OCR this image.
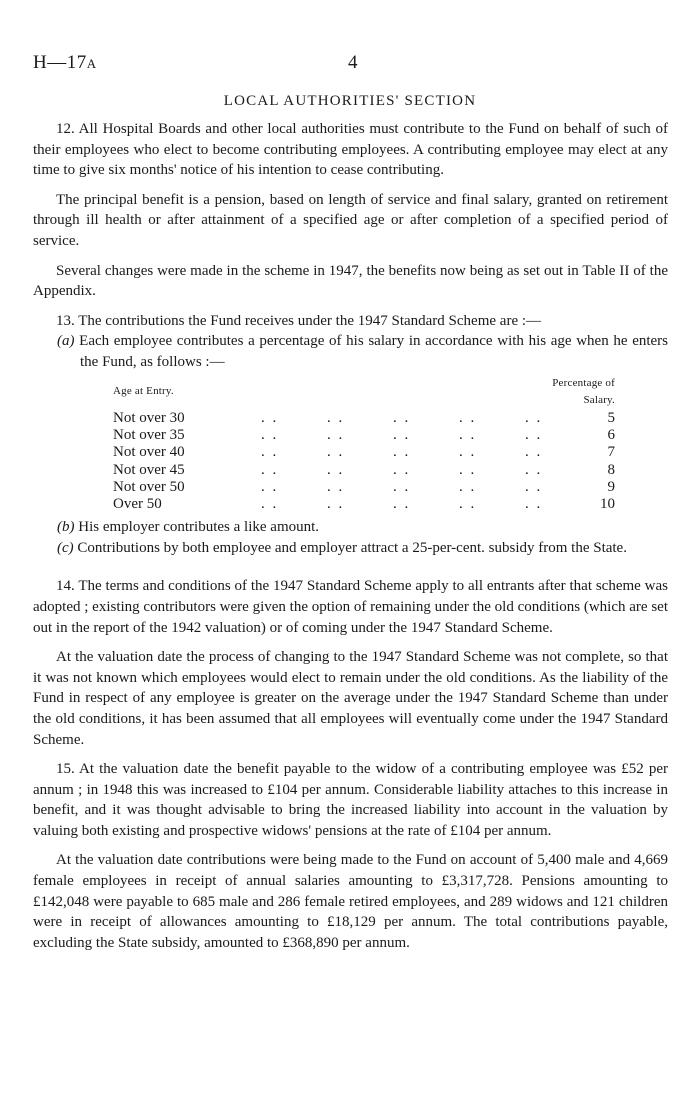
H—17A	4
LOCAL AUTHORITIES' SECTION

12. All Hospital Boards and other local authorities must contribute to the Fund on behalf of such of their employees who elect to become contributing employees. A contributing employee may elect at any time to give six months' notice of his intention to cease contributing.

The principal benefit is a pension, based on length of service and final salary, granted on retirement through ill health or after attainment of a specified age or after completion of a specified period of service.

Several changes were made in the scheme in 1947, the benefits now being as set out in Table II of the Appendix.

13. The contributions the Fund receives under the 1947 Standard Scheme are :—

(a) Each employee contributes a percentage of his salary in accordance with his age when he enters the Fund, as follows :—

Age at Entry.					Percentage of Salary.	
Not over 30	. .	. .	. .	. .	. .	5
Not over 35	. .	. .	. .	. .	. .	6
Not over 40	. .	. .	. .	. .	. .	7
Not over 45	. .	. .	. .	. .	. .	8
Not over 50	. .	. .	. .	. .	. .	9
Over 50	. .	. .	. .	. .	. .	10

(b) His employer contributes a like amount.

(c) Contributions by both employee and employer attract a 25-per-cent. subsidy from the State.

14. The terms and conditions of the 1947 Standard Scheme apply to all entrants after that scheme was adopted ; existing contributors were given the option of remaining under the old conditions (which are set out in the report of the 1942 valuation) or of coming under the 1947 Standard Scheme.

At the valuation date the process of changing to the 1947 Standard Scheme was not complete, so that it was not known which employees would elect to remain under the old conditions. As the liability of the Fund in respect of any employee is greater on the average under the 1947 Standard Scheme than under the old conditions, it has been assumed that all employees will eventually come under the 1947 Standard Scheme.

15. At the valuation date the benefit payable to the widow of a contributing employee was £52 per annum ; in 1948 this was increased to £104 per annum. Considerable liability attaches to this increase in benefit, and it was thought advisable to bring the increased liability into account in the valuation by valuing both existing and prospective widows' pensions at the rate of £104 per annum.

At the valuation date contributions were being made to the Fund on account of 5,400 male and 4,669 female employees in receipt of annual salaries amounting to £3,317,728. Pensions amounting to £142,048 were payable to 685 male and 286 female retired employees, and 289 widows and 121 children were in receipt of allowances amounting to £18,129 per annum. The total contributions payable, excluding the State subsidy, amounted to £368,890 per annum.
